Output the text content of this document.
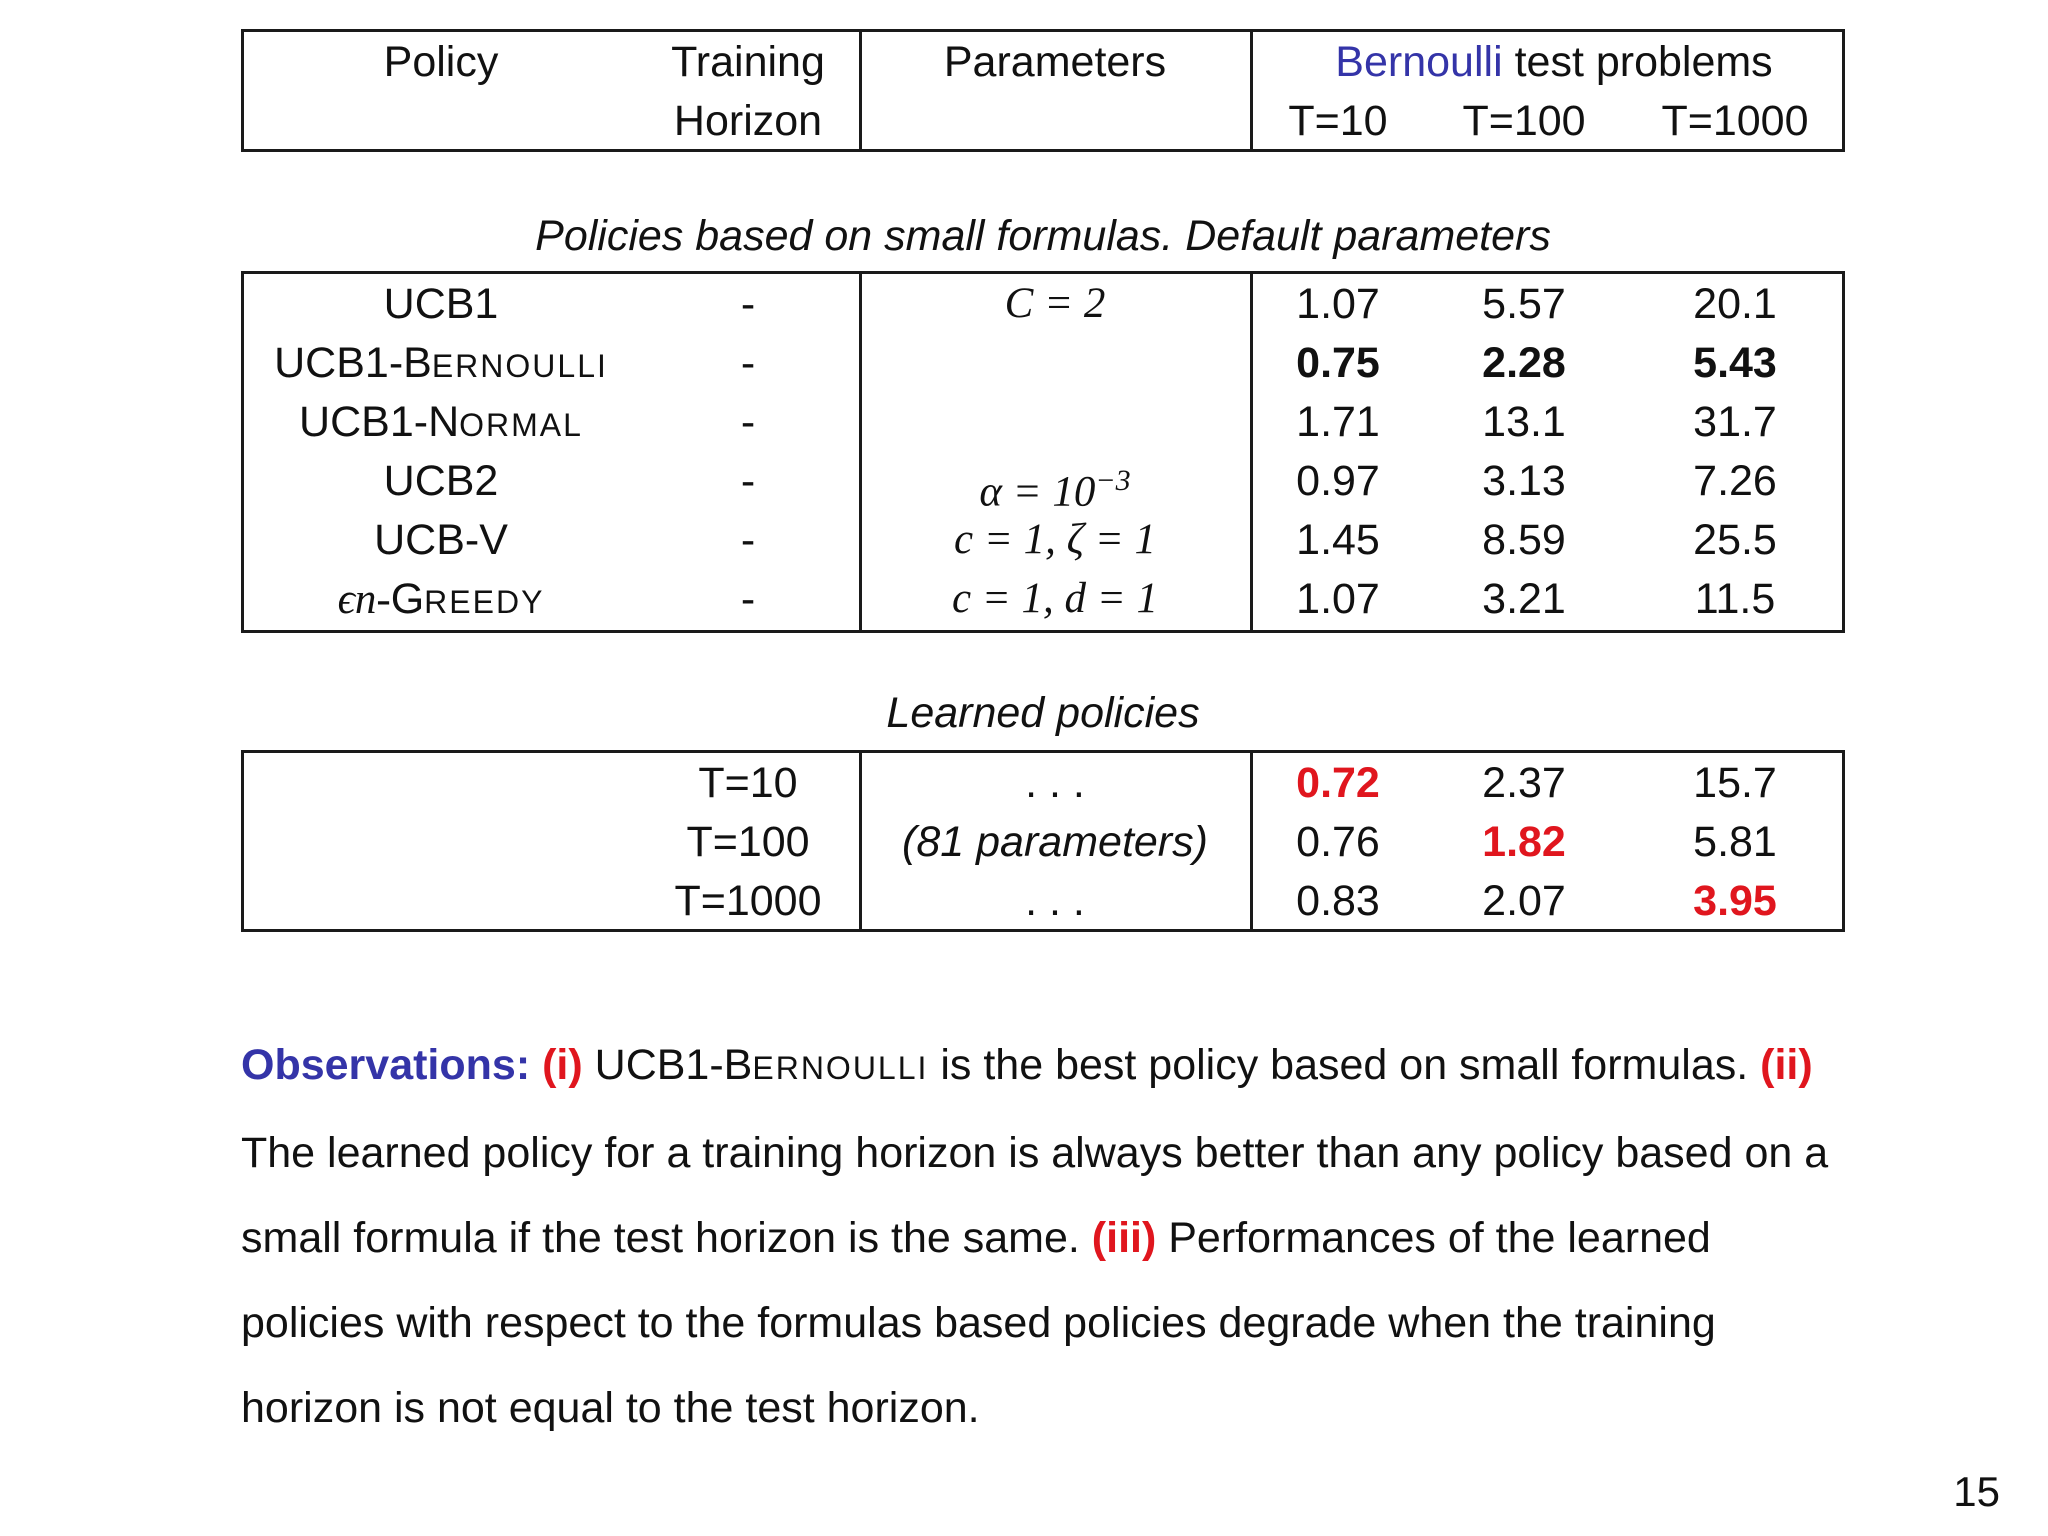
Policy	Training
Horizon
Parameters	Bernoulli test problems
T=10 T=100 T=1000
Policies based on small formulas. Default parameters
UCB1	-	C = 2	1.07 5.57	20.1
UCB1-BERNOULLI	-	0.75 2.28	5.43
UCB1-NORMAL	-	1.71 13.1	31.7
UCB2	-	$\alpha = 10^{-3}$	0.97 3.13	7.26
UCB-V	-	c = 1, ζ = 1	1.45 8.59	25.5
ϵn-GREEDY	-	c = 1, d = 1	1.07 3.21	11.5
Learned policies
T=10	. . .	0.72 2.37	15.7
T=100 (81 parameters) 0.76 1.82	5.81
T=1000	. . .	0.83 2.07	3.95
Observations: (i) UCB1-BERNOULLI is the best policy based on small formulas. (ii) The learned policy for a training horizon is always better than any policy based on a small formula if the test horizon is the same. (iii) Performances of the learned policies with respect to the formulas based policies degrade when the training horizon is not equal to the test horizon.
15
